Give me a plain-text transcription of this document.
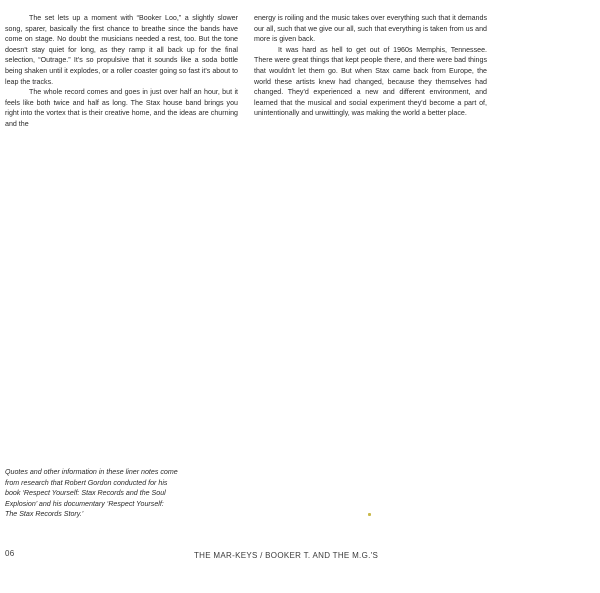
The set lets up a moment with “Booker Loo,” a slightly slower song, sparer, basically the first chance to breathe since the bands have come on stage. No doubt the musicians needed a rest, too. But the tone doesn't stay quiet for long, as they ramp it all back up for the final selection, “Outrage.” It's so propulsive that it sounds like a soda bottle being shaken until it explodes, or a roller coaster going so fast it's about to leap the tracks.

The whole record comes and goes in just over half an hour, but it feels like both twice and half as long. The Stax house band brings you right into the vortex that is their creative home, and the ideas are churning and the

energy is roiling and the music takes over everything such that it demands our all, such that we give our all, such that everything is taken from us and more is given back.

It was hard as hell to get out of 1960s Memphis, Tennessee. There were great things that kept people there, and there were bad things that wouldn't let them go. But when Stax came back from Europe, the world these artists knew had changed, because they themselves had changed. They'd experienced a new and different environment, and learned that the musical and social experiment they'd become a part of, unintentionally and unwittingly, was making the world a better place.

Quotes and other information in these liner notes come
from research that Robert Gordon conducted for his
book ‘Respect Yourself: Stax Records and the Soul
Explosion’ and his documentary ‘Respect Yourself:
The Stax Records Story.’
06	THE MAR-KEYS / BOOKER T. AND THE M.G.'S
